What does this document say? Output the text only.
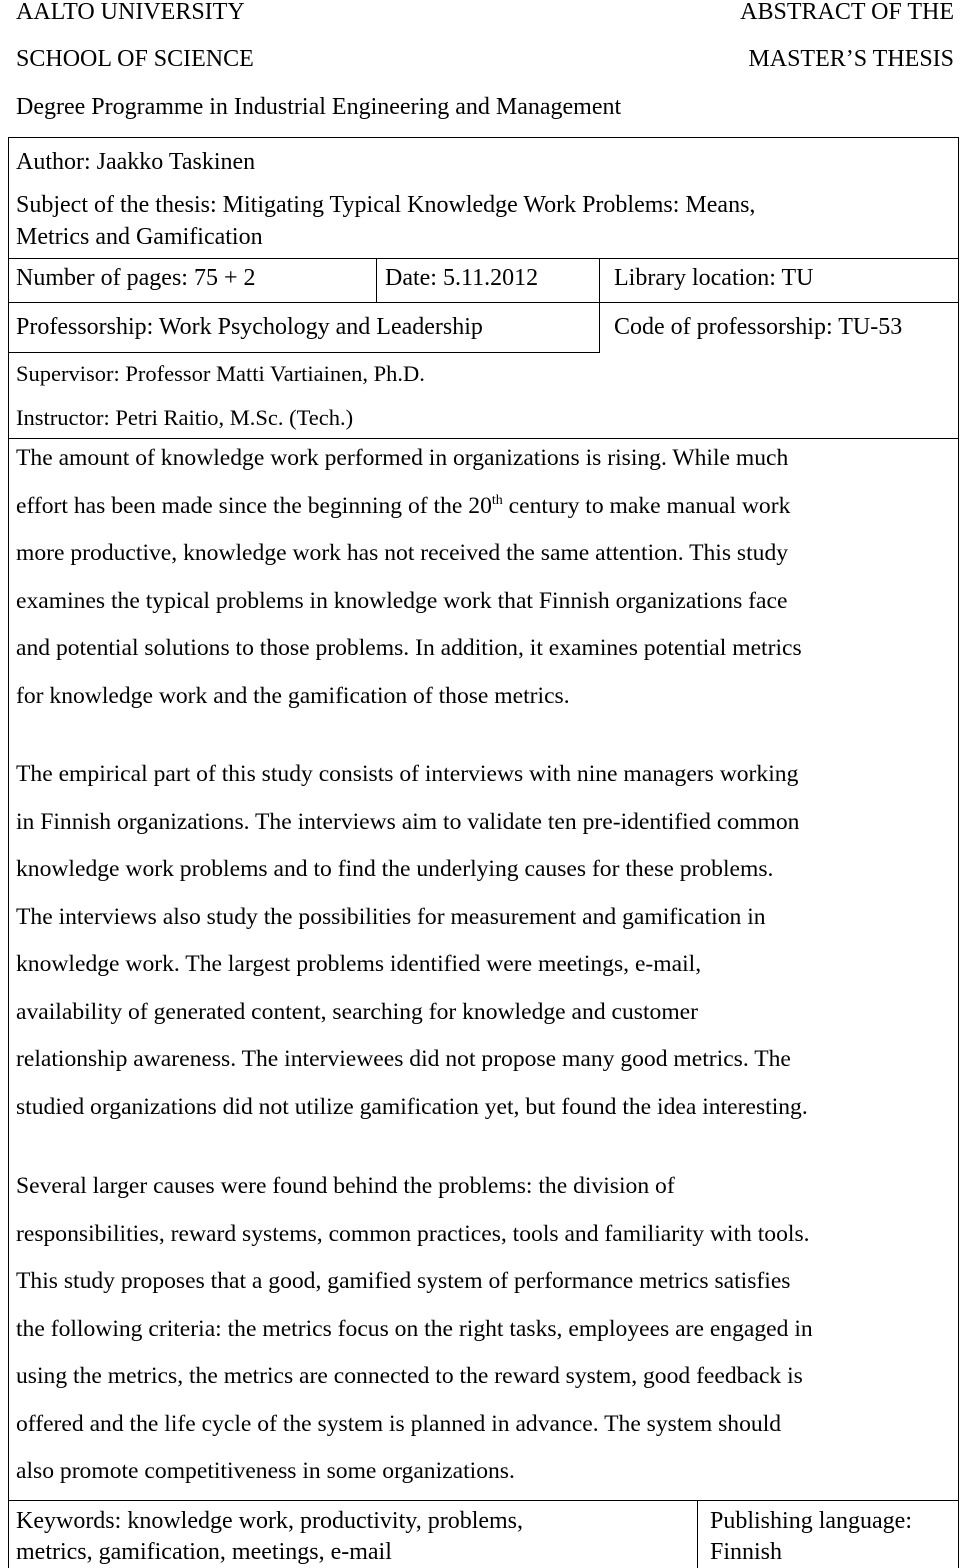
AALTO UNIVERSITY
SCHOOL OF SCIENCE
Degree Programme in Industrial Engineering and Management
ABSTRACT OF THE
MASTER’S THESIS
Author: Jaakko Taskinen
Subject of the thesis: Mitigating Typical Knowledge Work Problems: Means,
Metrics and Gamification
Number of pages: 75 + 2	Date: 5.11.2012	Library location: TU
Professorship: Work Psychology and Leadership	Code of professorship: TU-53
Supervisor: Professor Matti Vartiainen, Ph.D.
Instructor: Petri Raitio, M.Sc. (Tech.)
The amount of knowledge work performed in organizations is rising. While much
effort has been made since the beginning of the 20th century to make manual work
more productive, knowledge work has not received the same attention. This study
examines the typical problems in knowledge work that Finnish organizations face
and potential solutions to those problems. In addition, it examines potential metrics
for knowledge work and the gamification of those metrics.
The empirical part of this study consists of interviews with nine managers working
in Finnish organizations. The interviews aim to validate ten pre-identified common
knowledge work problems and to find the underlying causes for these problems.
The interviews also study the possibilities for measurement and gamification in
knowledge work. The largest problems identified were meetings, e-mail,
availability of generated content, searching for knowledge and customer
relationship awareness. The interviewees did not propose many good metrics. The
studied organizations did not utilize gamification yet, but found the idea interesting.
Several larger causes were found behind the problems: the division of
responsibilities, reward systems, common practices, tools and familiarity with tools.
This study proposes that a good, gamified system of performance metrics satisfies
the following criteria: the metrics focus on the right tasks, employees are engaged in
using the metrics, the metrics are connected to the reward system, good feedback is
offered and the life cycle of the system is planned in advance. The system should
also promote competitiveness in some organizations.
Keywords: knowledge work, productivity, problems,
metrics, gamification, meetings, e-mail
Publishing language:
Finnish
